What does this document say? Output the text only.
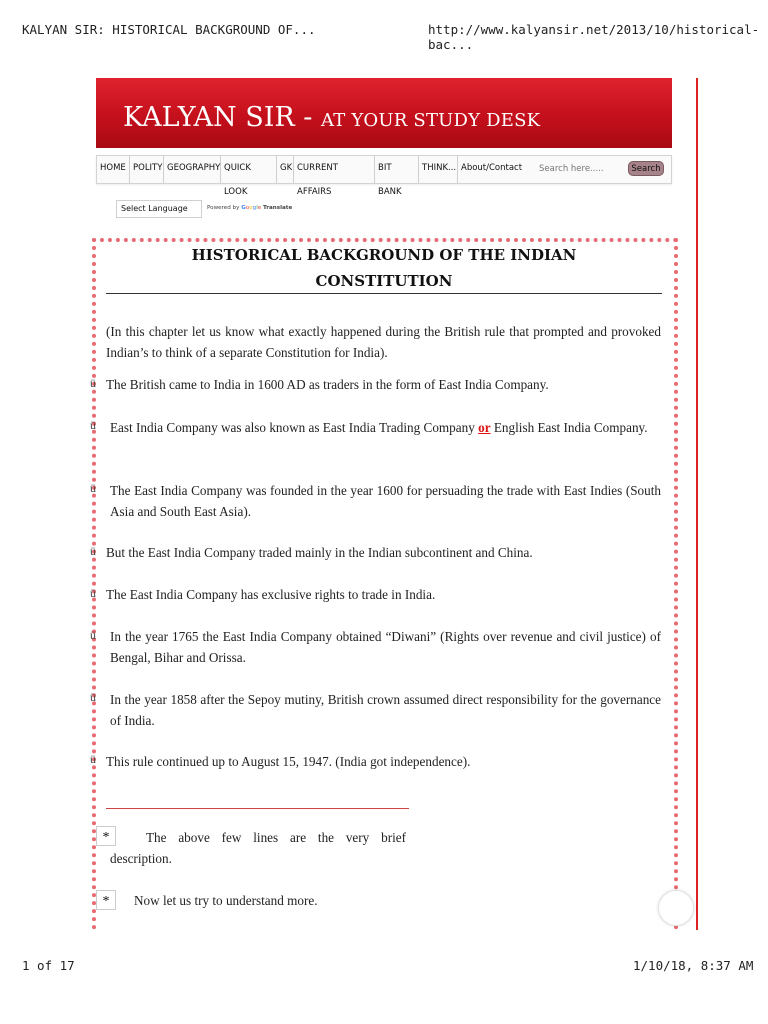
KALYAN SIR: HISTORICAL BACKGROUND OF...	http://www.kalyansir.net/2013/10/historical-bac...
KALYAN SIR - AT YOUR STUDY DESK
HOME POLITY GEOGRAPHY QUICK LOOK
GK CURRENT AFFAIRS
BIT BANK
THINK... About/Contact
Search here.....	Search
Select Language	Powered by Google Translate
HISTORICAL BACKGROUND OF THE INDIAN
CONSTITUTION
(In this chapter let us know what exactly happened during the British rule that prompted and provoked Indian’s to think of a separate Constitution for India).
ü The British came to India in 1600 AD as traders in the form of East India Company.
ü	East India Company was also known as East India Trading Company or English East India Company.
ü	The East India Company was founded in the year 1600 for persuading the trade with East Indies (South Asia and South East Asia).
ü But the East India Company traded mainly in the Indian subcontinent and China.
ü The East India Company has exclusive rights to trade in India.
ü	In the year 1765 the East India Company obtained “Diwani” (Rights over revenue and civil justice) of Bengal, Bihar and Orissa.
ü	In the year 1858 after the Sepoy mutiny, British crown assumed direct responsibility for the governance of India.
ü This rule continued up to August 15, 1947. (India got independence).
*	The above few lines are the very brief description.
*	Now let us try to understand more.
1 of 17	1/10/18, 8:37 AM
